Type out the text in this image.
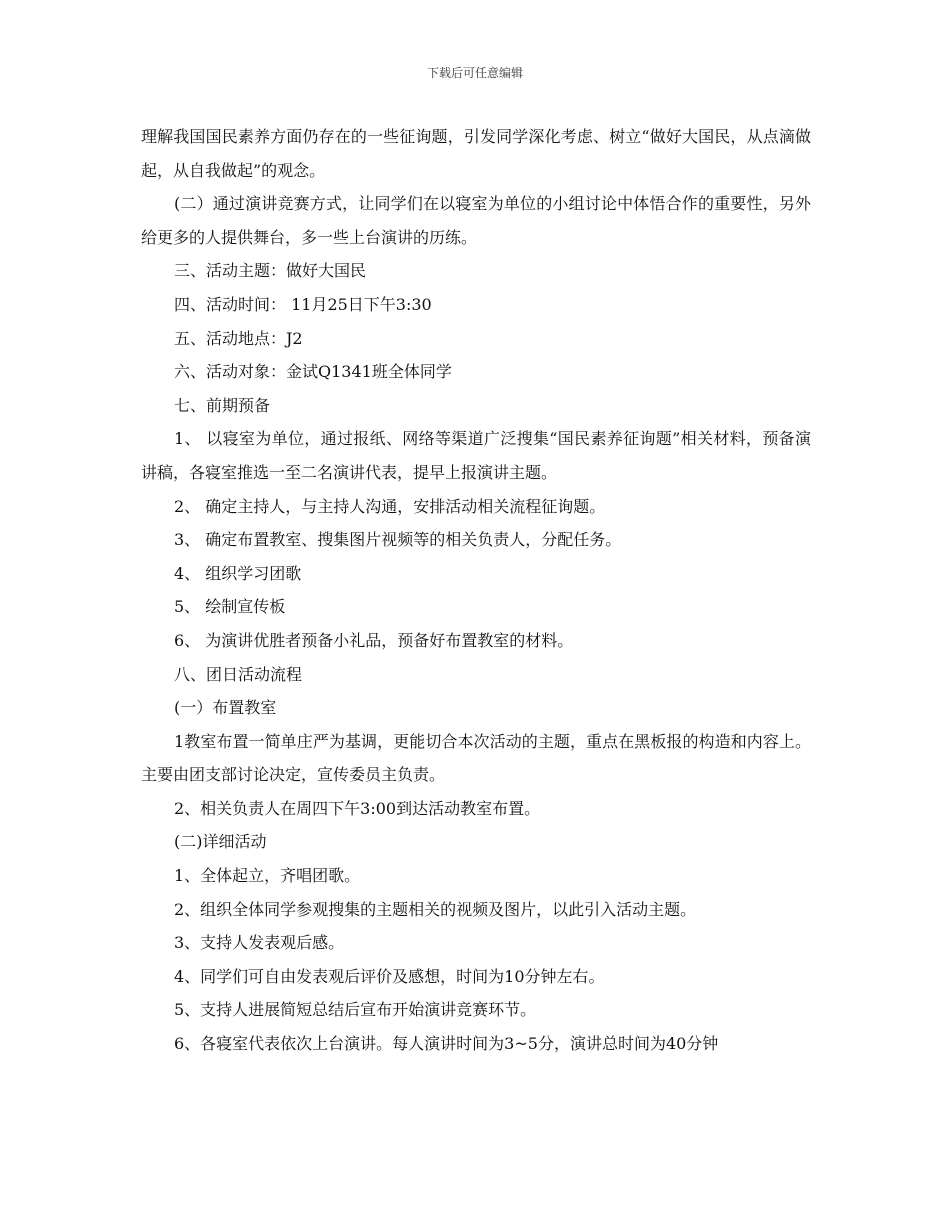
下载后可任意编辑

理解我国国民素养方面仍存在的一些征询题，引发同学深化考虑、树立“做好大国民，从点滴做起，从自我做起”的观念。

(二）通过演讲竞赛方式，让同学们在以寝室为单位的小组讨论中体悟合作的重要性，另外给更多的人提供舞台，多一些上台演讲的历练。

三、活动主题：做好大国民

四、活动时间： 11月25日下午3:30

五、活动地点：J2

六、活动对象：金试Q1341班全体同学

七、前期预备

1、 以寝室为单位，通过报纸、网络等渠道广泛搜集“国民素养征询题”相关材料，预备演讲稿，各寝室推选一至二名演讲代表，提早上报演讲主题。

2、 确定主持人，与主持人沟通，安排活动相关流程征询题。

3、 确定布置教室、搜集图片视频等的相关负责人，分配任务。

4、 组织学习团歌

5、 绘制宣传板

6、 为演讲优胜者预备小礼品，预备好布置教室的材料。

八、团日活动流程

(一）布置教室

1教室布置一简单庄严为基调，更能切合本次活动的主题，重点在黑板报的构造和内容上。主要由团支部讨论决定，宣传委员主负责。

2、相关负责人在周四下午3:00到达活动教室布置。

(二)详细活动

1、全体起立，齐唱团歌。

2、组织全体同学参观搜集的主题相关的视频及图片，以此引入活动主题。

3、支持人发表观后感。

4、同学们可自由发表观后评价及感想，时间为10分钟左右。

5、支持人进展简短总结后宣布开始演讲竞赛环节。

6、各寝室代表依次上台演讲。每人演讲时间为3~5分，演讲总时间为40分钟
